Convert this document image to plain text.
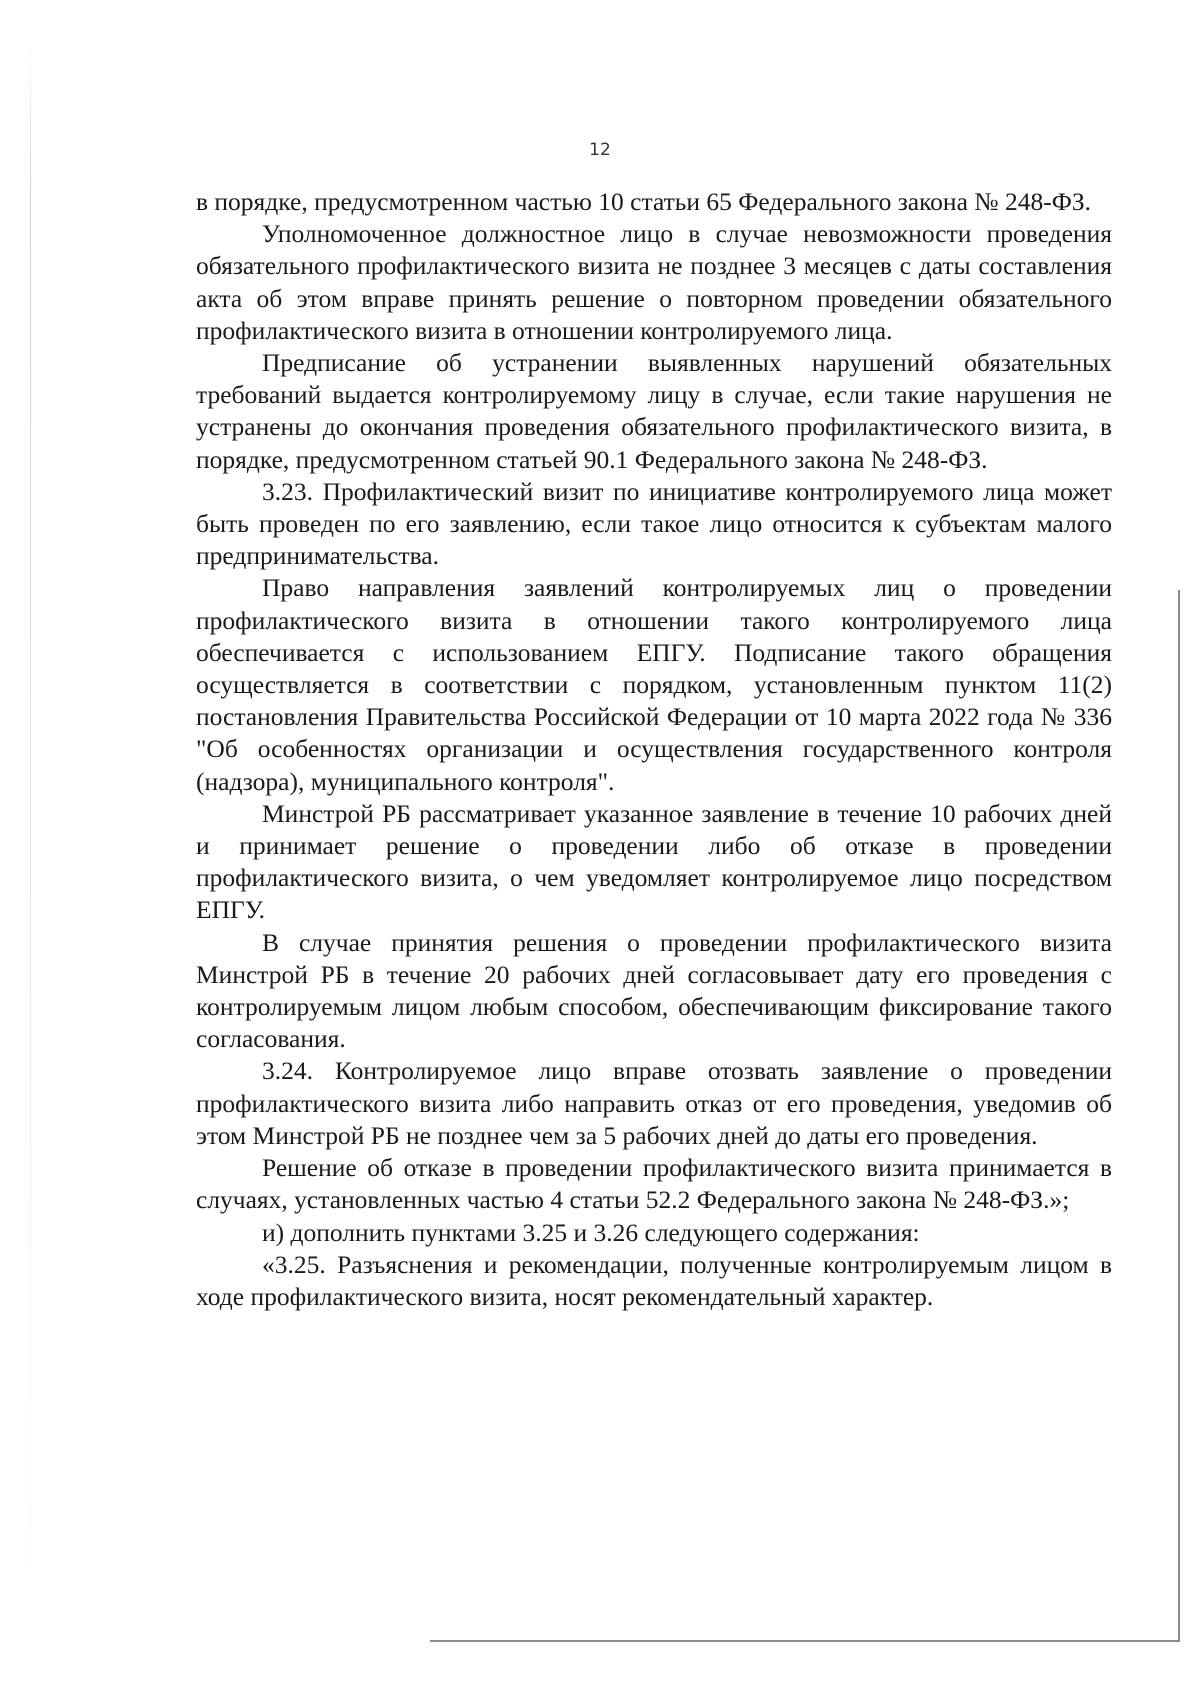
12

в порядке, предусмотренном частью 10 статьи 65 Федерального закона № 248-ФЗ.

Уполномоченное должностное лицо в случае невозможности проведения обязательного профилактического визита не позднее 3 месяцев с даты составления акта об этом вправе принять решение о повторном проведении обязательного профилактического визита в отношении контролируемого лица.

Предписание об устранении выявленных нарушений обязательных требований выдается контролируемому лицу в случае, если такие нарушения не устранены до окончания проведения обязательного профилактического визита, в порядке, предусмотренном статьей 90.1 Федерального закона № 248-ФЗ.

3.23. Профилактический визит по инициативе контролируемого лица может быть проведен по его заявлению, если такое лицо относится к субъектам малого предпринимательства.

Право направления заявлений контролируемых лиц о проведении профилактического визита в отношении такого контролируемого лица обеспечивается с использованием ЕПГУ. Подписание такого обращения осуществляется в соответствии с порядком, установленным пунктом 11(2) постановления Правительства Российской Федерации от 10 марта 2022 года № 336 "Об особенностях организации и осуществления государственного контроля (надзора), муниципального контроля".

Минстрой РБ рассматривает указанное заявление в течение 10 рабочих дней и принимает решение о проведении либо об отказе в проведении профилактического визита, о чем уведомляет контролируемое лицо посредством ЕПГУ.

В случае принятия решения о проведении профилактического визита Минстрой РБ в течение 20 рабочих дней согласовывает дату его проведения с контролируемым лицом любым способом, обеспечивающим фиксирование такого согласования.

3.24. Контролируемое лицо вправе отозвать заявление о проведении профилактического визита либо направить отказ от его проведения, уведомив об этом Минстрой РБ не позднее чем за 5 рабочих дней до даты его проведения.

Решение об отказе в проведении профилактического визита принимается в случаях, установленных частью 4 статьи 52.2 Федерального закона № 248-ФЗ.»;

и) дополнить пунктами 3.25 и 3.26 следующего содержания:

«3.25. Разъяснения и рекомендации, полученные контролируемым лицом в ходе профилактического визита, носят рекомендательный характер.
